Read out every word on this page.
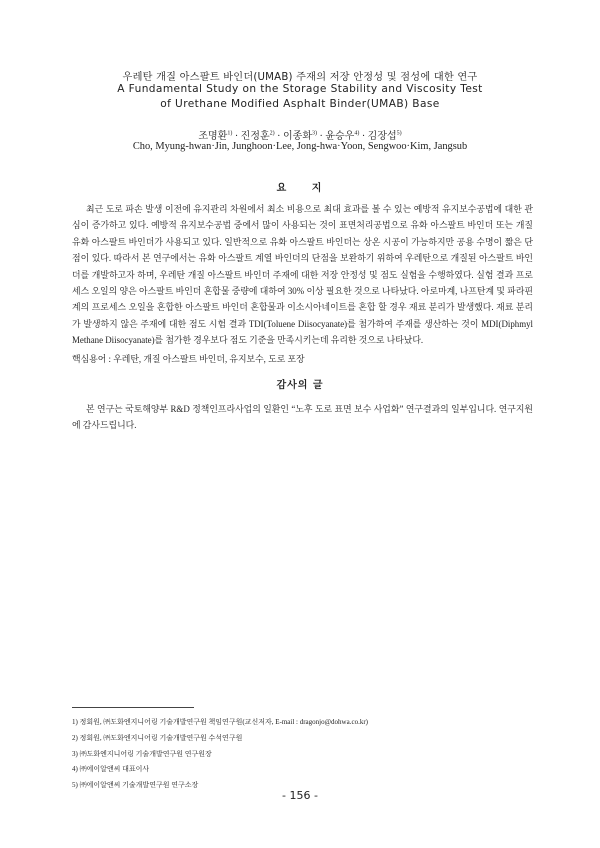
우레탄 개질 아스팔트 바인더(UMAB) 주재의 저장 안정성 및 점성에 대한 연구
A Fundamental Study on the Storage Stability and Viscosity Test
of Urethane Modified Asphalt Binder(UMAB) Base
조명환$^{1)}$ · 진정훈$^{2)}$ · 이종화$^{3)}$ · 윤승우$^{4)}$ · 김장섭$^{5)}$
Cho, Myung-hwan·Jin, Junghoon·Lee, Jong-hwa·Yoon, Sengwoo·Kim, Jangsub
요 지
최근 도로 파손 발생 이전에 유지관리 차원에서 최소 비용으로 최대 효과를 볼 수 있는 예방적 유지보수공법에 대한 관심이 증가하고 있다. 예방적 유지보수공법 중에서 많이 사용되는 것이 표면처리공법으로 유화 아스팔트 바인더 또는 개질 유화 아스팔트 바인더가 사용되고 있다. 일반적으로 유화 아스팔트 바인더는 상온 시공이 가능하지만 공용 수명이 짧은 단점이 있다. 따라서 본 연구에서는 유화 아스팔트 계열 바인더의 단점을 보완하기 위하여 우레탄으로 개질된 아스팔트 바인더를 개발하고자 하며, 우레탄 개질 아스팔트 바인더 주재에 대한 저장 안정성 및 점도 실험을 수행하였다. 실험 결과 프로세스 오일의 양은 아스팔트 바인더 혼합물 중량에 대하여 30% 이상 필요한 것으로 나타났다. 아로마계, 나프탄계 및 파라핀계의 프로세스 오일을 혼합한 아스팔트 바인더 혼합물과 이소시아네이트를 혼합 할 경우 재료 분리가 발생했다. 재료 분리가 발생하지 않은 주재에 대한 점도 시험 결과 TDI(Toluene Diisocyanate)를 첨가하여 주재를 생산하는 것이 MDI(Diphmyl Methane Diisocyanate)를 첨가한 경우보다 점도 기준을 만족시키는데 유리한 것으로 나타났다.
핵심용어 : 우레탄, 개질 아스팔트 바인더, 유지보수, 도로 포장
감사의 글
본 연구는 국토해양부 R&D 정책인프라사업의 일환인 “노후 도로 표면 보수 사업화” 연구결과의 일부입니다. 연구지원에 감사드립니다.
1) 정회원, ㈜도화엔지니어링 기술개발연구원 책임연구원(교신저자, E-mail : dragonjo@dohwa.co.kr)
2) 정회원, ㈜도화엔지니어링 기술개발연구원 수석연구원
3) ㈜도화엔지니어링 기술개발연구원 연구원장
4) ㈜에이알앤씨 대표이사
5) ㈜에이알앤씨 기술개발연구원 연구소장
- 156 -
